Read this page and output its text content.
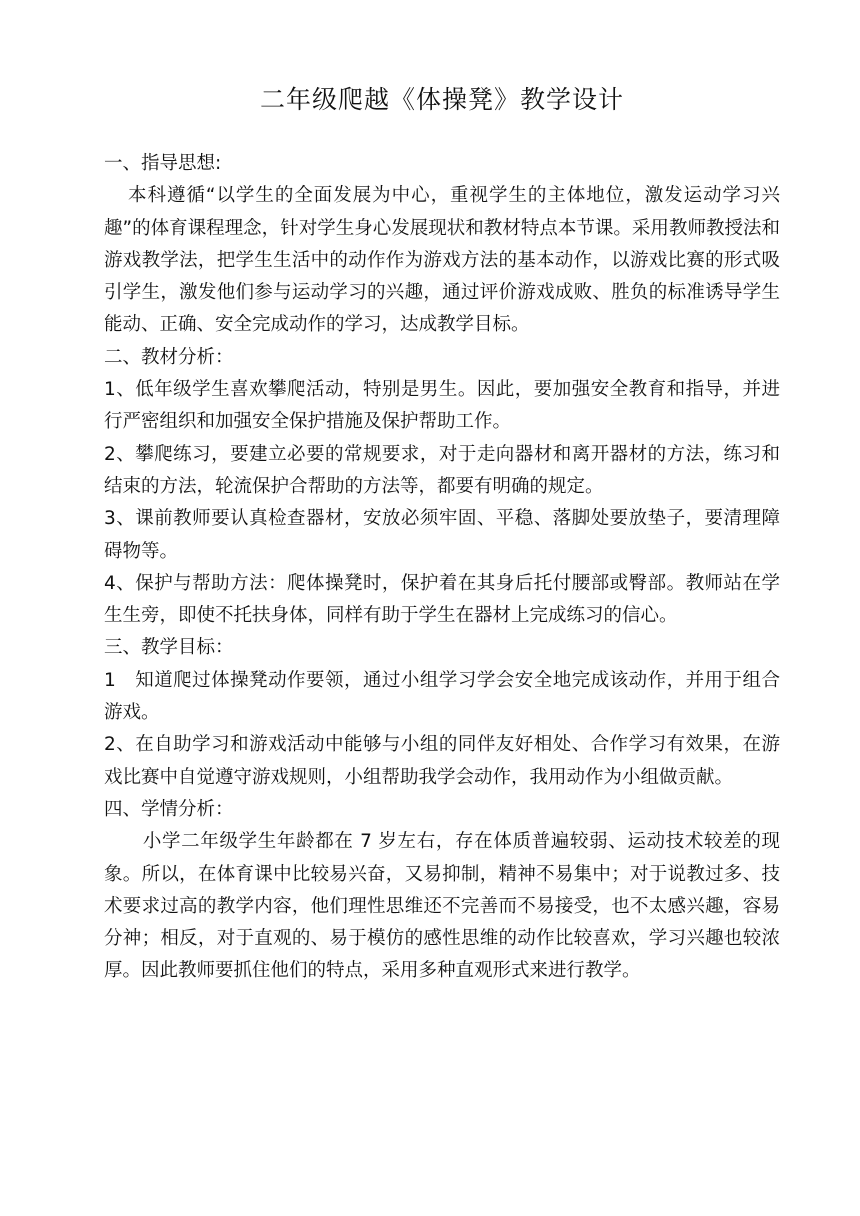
二年级爬越《体操凳》教学设计

一、指导思想:

本科遵循“以学生的全面发展为中心，重视学生的主体地位，激发运动学习兴趣”的体育课程理念，针对学生身心发展现状和教材特点本节课。采用教师教授法和游戏教学法，把学生生活中的动作作为游戏方法的基本动作，以游戏比赛的形式吸引学生，激发他们参与运动学习的兴趣，通过评价游戏成败、胜负的标准诱导学生能动、正确、安全完成动作的学习，达成教学目标。

二、教材分析：

1、低年级学生喜欢攀爬活动，特别是男生。因此，要加强安全教育和指导，并进行严密组织和加强安全保护措施及保护帮助工作。

2、攀爬练习，要建立必要的常规要求，对于走向器材和离开器材的方法，练习和结束的方法，轮流保护合帮助的方法等，都要有明确的规定。

3、课前教师要认真检查器材，安放必须牢固、平稳、落脚处要放垫子，要清理障碍物等。

4、保护与帮助方法：爬体操凳时，保护着在其身后托付腰部或臀部。教师站在学生生旁，即使不托扶身体，同样有助于学生在器材上完成练习的信心。

三、教学目标：

1　知道爬过体操凳动作要领，通过小组学习学会安全地完成该动作，并用于组合游戏。

2、在自助学习和游戏活动中能够与小组的同伴友好相处、合作学习有效果，在游戏比赛中自觉遵守游戏规则，小组帮助我学会动作，我用动作为小组做贡献。

四、学情分析：

小学二年级学生年龄都在 7 岁左右，存在体质普遍较弱、运动技术较差的现象。所以，在体育课中比较易兴奋，又易抑制，精神不易集中；对于说教过多、技术要求过高的教学内容，他们理性思维还不完善而不易接受，也不太感兴趣，容易分神；相反，对于直观的、易于模仿的感性思维的动作比较喜欢，学习兴趣也较浓厚。因此教师要抓住他们的特点，采用多种直观形式来进行教学。
